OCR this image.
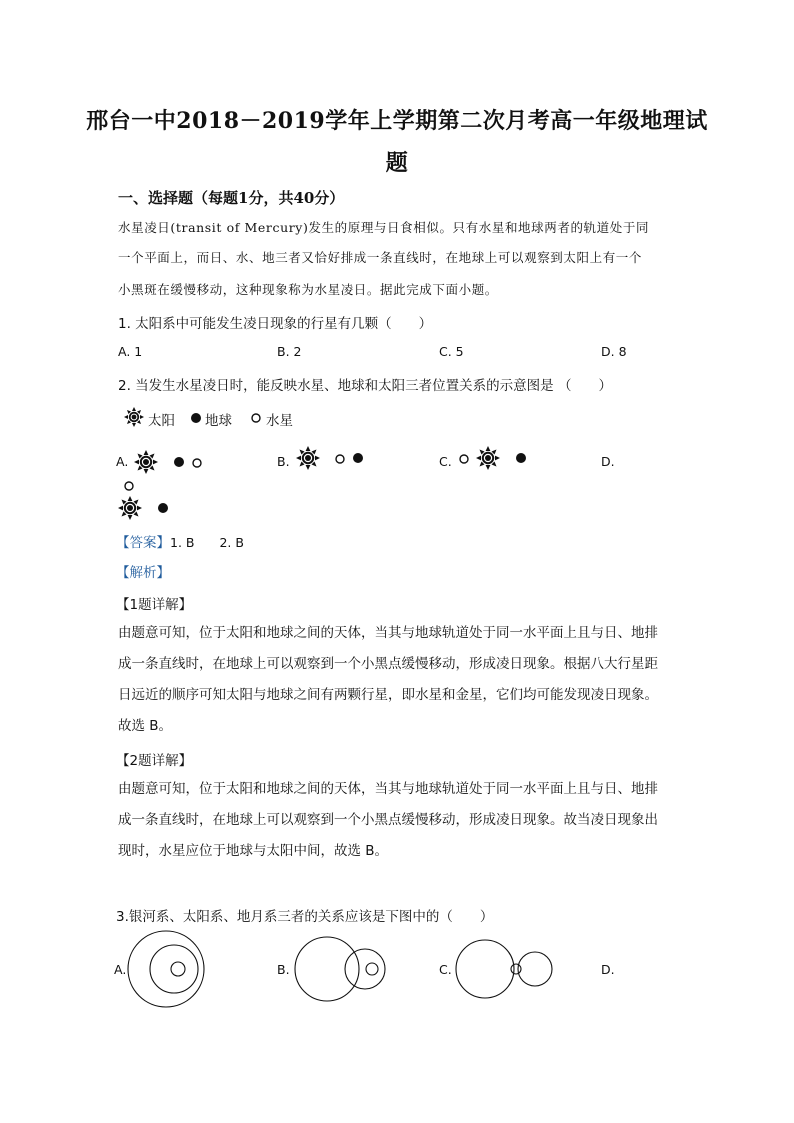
邢台一中2018－2019学年上学期第二次月考高一年级地理试
题
一、选择题（每题1分，共40分）
水星凌日(transit of Mercury)发生的原理与日食相似。只有水星和地球两者的轨道处于同
一个平面上，而日、水、地三者又恰好排成一条直线时，在地球上可以观察到太阳上有一个
小黑斑在缓慢移动，这种现象称为水星凌日。据此完成下面小题。
1. 太阳系中可能发生凌日现象的行星有几颗（　　）
A. 1	B. 2	C. 5	D. 8
2. 当发生水星凌日时，能反映水星、地球和太阳三者位置关系的示意图是 （　　）
太阳 地球	水星
A.	B.	C.	D.
【答案】1. B　　2. B
【解析】
【1题详解】
由题意可知，位于太阳和地球之间的天体，当其与地球轨道处于同一水平面上且与日、地排
成一条直线时，在地球上可以观察到一个小黑点缓慢移动，形成凌日现象。根据八大行星距
日远近的顺序可知太阳与地球之间有两颗行星，即水星和金星，它们均可能发现凌日现象。
故选 B。
【2题详解】
由题意可知，位于太阳和地球之间的天体，当其与地球轨道处于同一水平面上且与日、地排
成一条直线时，在地球上可以观察到一个小黑点缓慢移动，形成凌日现象。故当凌日现象出
现时，水星应位于地球与太阳中间，故选 B。
3.银河系、太阳系、地月系三者的关系应该是下图中的（　　）
A.	B.	C.	D.
